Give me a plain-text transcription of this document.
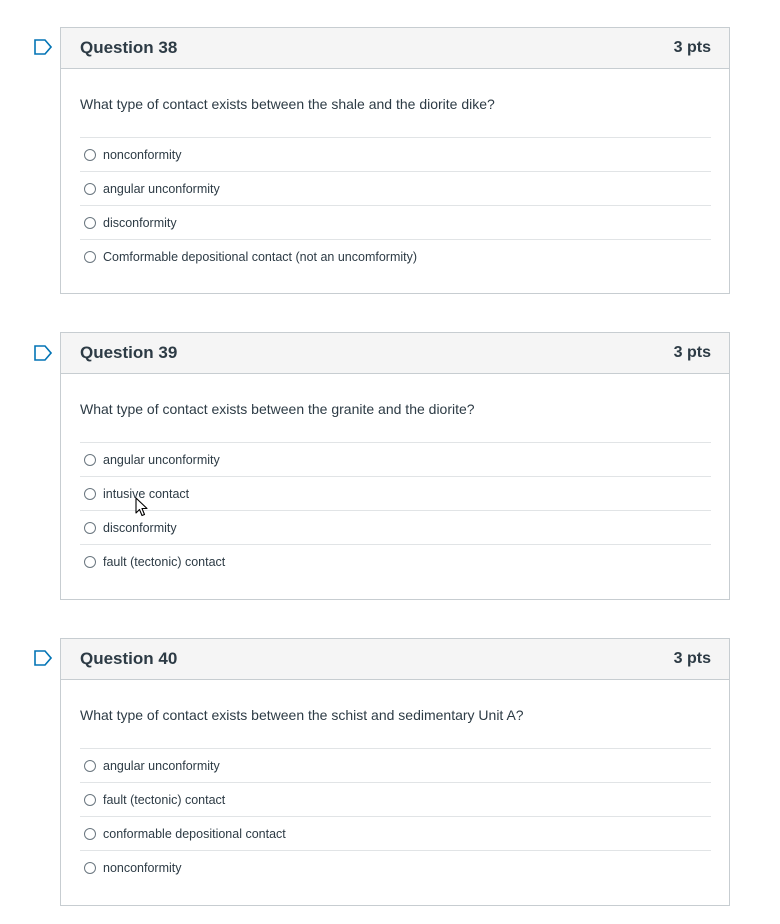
Question 38	3 pts

What type of contact exists between the shale and the diorite dike?

nonconformity
angular unconformity
disconformity
Comformable depositional contact (not an uncomformity)
Question 39	3 pts

What type of contact exists between the granite and the diorite?

angular unconformity
intusive contact
disconformity
fault (tectonic) contact
Question 40	3 pts

What type of contact exists between the schist and sedimentary Unit A?

angular unconformity
fault (tectonic) contact
conformable depositional contact
nonconformity
